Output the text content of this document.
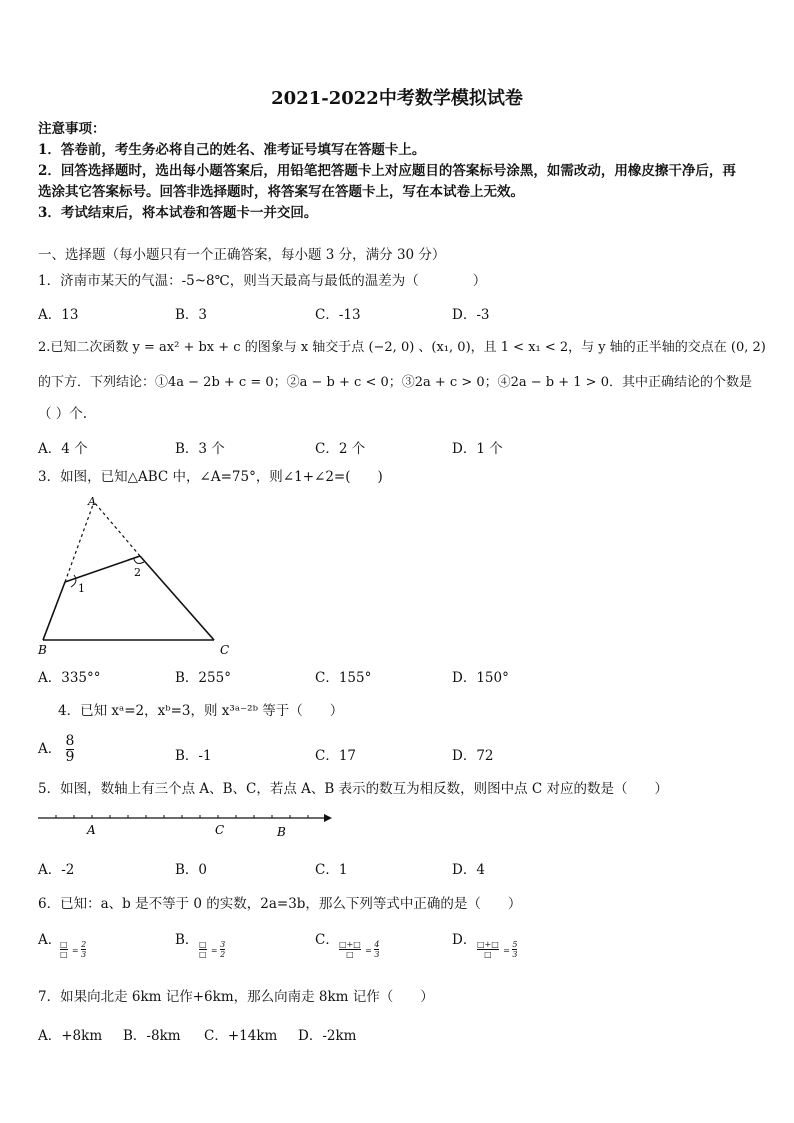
2021-2022中考数学模拟试卷
注意事项：
1．答卷前，考生务必将自己的姓名、准考证号填写在答题卡上。
2．回答选择题时，选出每小题答案后，用铅笔把答题卡上对应题目的答案标号涂黑，如需改动，用橡皮擦干净后，再
选涂其它答案标号。回答非选择题时，将答案写在答题卡上，写在本试卷上无效。
3．考试结束后，将本试卷和答题卡一并交回。
一、选择题（每小题只有一个正确答案，每小题 3 分，满分 30 分）
1．济南市某天的气温：-5~8℃，则当天最高与最低的温差为（　　　　）
A．13	B．3	C．-13	D．-3
2.已知二次函数 y = ax² + bx + c 的图象与 x 轴交于点 (−2, 0) 、(x₁, 0)，且 1 < x₁ < 2，与 y 轴的正半轴的交点在 (0, 2)
的下方．下列结论：①4a − 2b + c = 0；②a − b + c < 0；③2a + c > 0；④2a − b + 1 > 0．其中正确结论的个数是
（ ）个.
A．4 个	B．3 个	C．2 个	D．1 个
3．如图，已知△ABC 中，∠A=75°，则∠1+∠2=(　　)
A
B	C
1
2
A．335°°	B．255°	C．155°	D．150°
4．已知 xᵃ=2，xᵇ=3，则 x³ᵃ⁻²ᵇ 等于（　　）
A． $\frac{8}{9}$	B．-1	C．17	D．72
5．如图，数轴上有三个点 A、B、C，若点 A、B 表示的数互为相反数，则图中点 C 对应的数是（　　）
A	C	B
A．-2	B．0	C．1	D．4
6．已知：a、b 是不等于 0 的实数，2a=3b，那么下列等式中正确的是（　　）
A．
□
□ = $\frac{2}{3}$	B． □
□ = $\frac{3}{2}$	C． □+□
□ = $\frac{4}{3}$	D． □+□
□ = $\frac{5}{3}$
7．如果向北走 6km 记作+6km，那么向南走 8km 记作（　　）
A．+8km B．-8km C．+14km D．-2km
